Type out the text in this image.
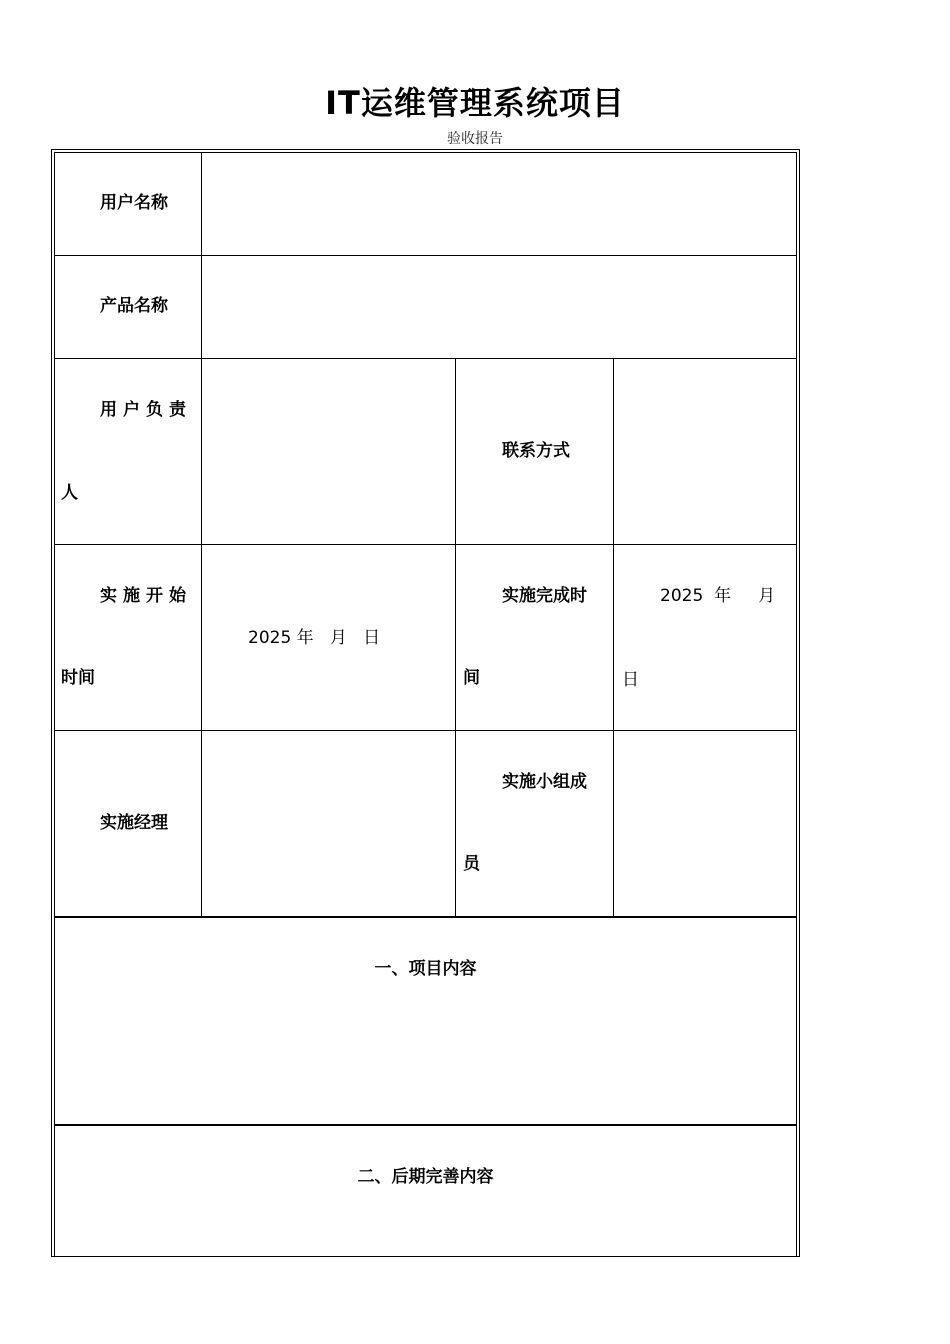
IT运维管理系统项目
验收报告
用户名称
产品名称
用户负责
人
联系方式
实施开始
时间
2025 年   月   日
实施完成时
间
2025  年     月
日
实施经理
实施小组成
员
一、项目内容
二、后期完善内容
